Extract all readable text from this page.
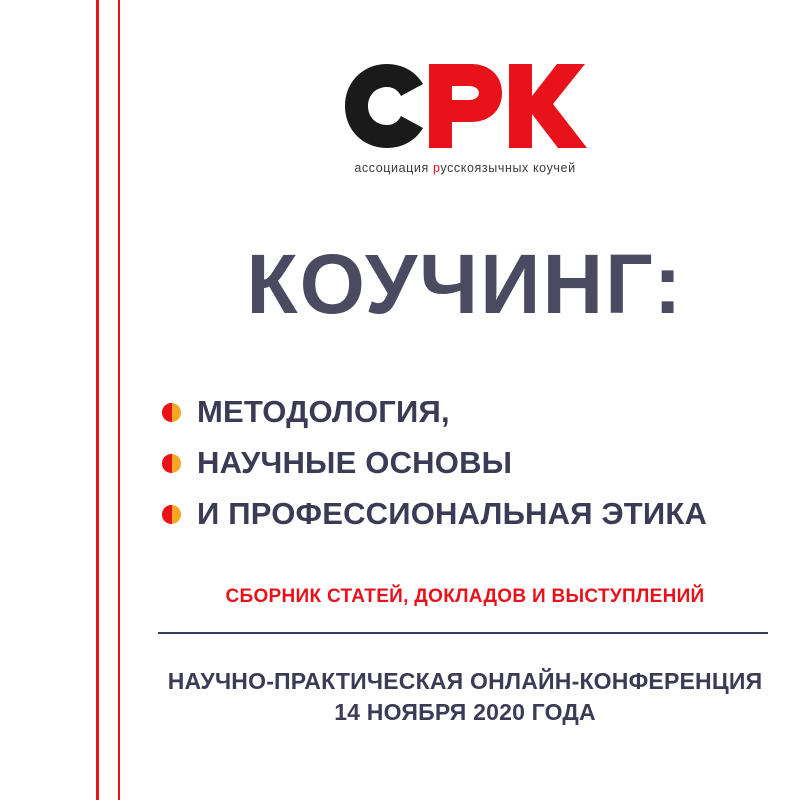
ассоциация русскоязычных коучей
КОУЧИНГ:
МЕТОДОЛОГИЯ,
НАУЧНЫЕ ОСНОВЫ
И ПРОФЕССИОНАЛЬНАЯ ЭТИКА
СБОРНИК СТАТЕЙ, ДОКЛАДОВ И ВЫСТУПЛЕНИЙ
НАУЧНО-ПРАКТИЧЕСКАЯ ОНЛАЙН-КОНФЕРЕНЦИЯ
14 НОЯБРЯ 2020 ГОДА
